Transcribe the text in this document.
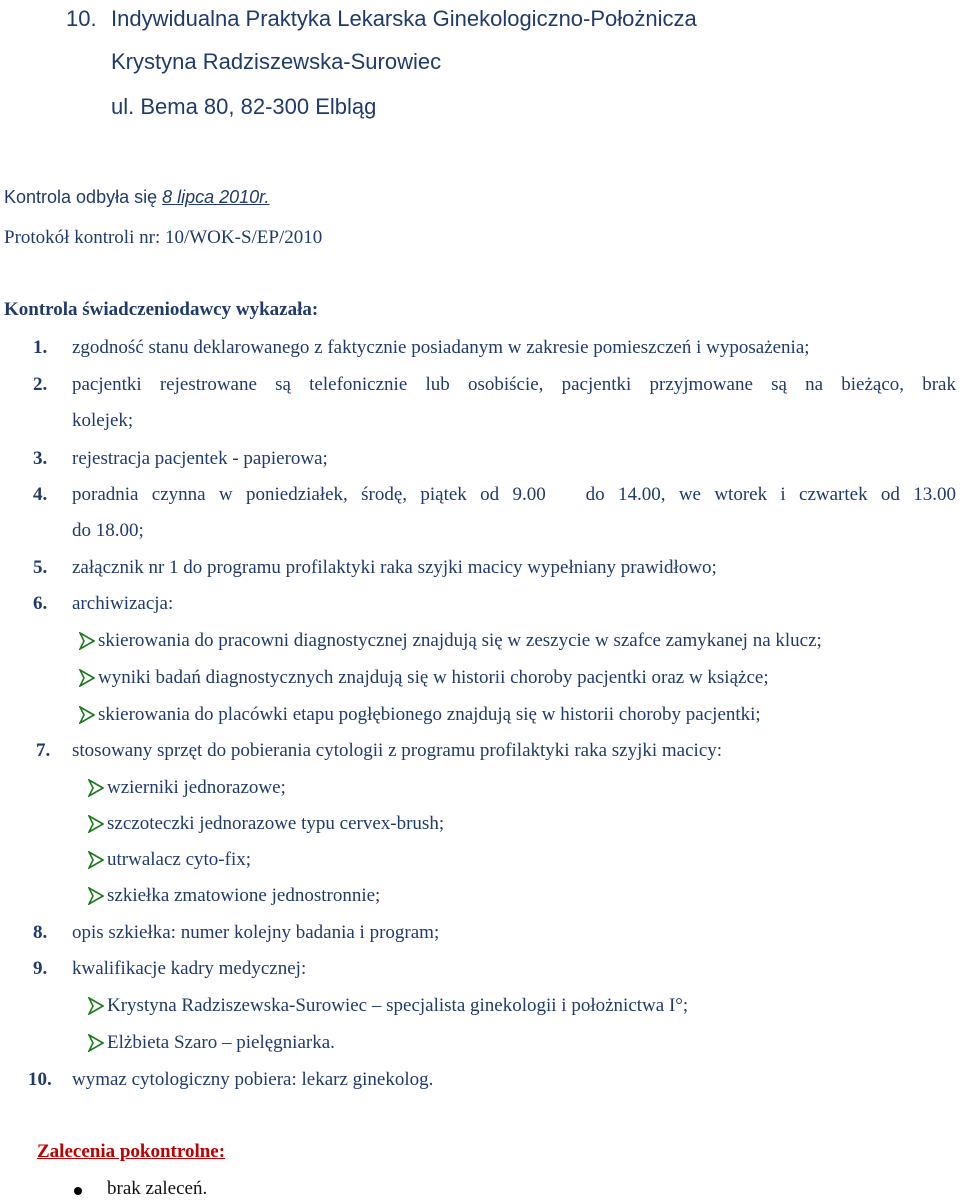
10. Indywidualna Praktyka Lekarska Ginekologiczno-Położnicza
Krystyna Radziszewska-Surowiec
ul. Bema 80, 82-300 Elbląg
Kontrola odbyła się 8 lipca 2010r.
Protokół kontroli nr: 10/WOK-S/EP/2010
Kontrola świadczeniodawcy wykazała:
1. zgodność stanu deklarowanego z faktycznie posiadanym w zakresie pomieszczeń i wyposażenia;
2. pacjentki rejestrowane są telefonicznie lub osobiście, pacjentki przyjmowane są na bieżąco, brak
kolejek;
3. rejestracja pacjentek - papierowa;
4. poradnia czynna w poniedziałek, środę, piątek od 9.00   do 14.00, we wtorek i czwartek od 13.00
do 18.00;
5. załącznik nr 1 do programu profilaktyki raka szyjki macicy wypełniany prawidłowo;
6. archiwizacja:
skierowania do pracowni diagnostycznej znajdują się w zeszycie w szafce zamykanej na klucz;
wyniki badań diagnostycznych znajdują się w historii choroby pacjentki oraz w książce;
skierowania do placówki etapu pogłębionego znajdują się w historii choroby pacjentki;
7. stosowany sprzęt do pobierania cytologii z programu profilaktyki raka szyjki macicy:
wzierniki jednorazowe;
szczoteczki jednorazowe typu cervex-brush;
utrwalacz cyto-fix;
szkiełka zmatowione jednostronnie;
8. opis szkiełka: numer kolejny badania i program;
9. kwalifikacje kadry medycznej:
Krystyna Radziszewska-Surowiec – specjalista ginekologii i położnictwa I°;
Elżbieta Szaro – pielęgniarka.
10. wymaz cytologiczny pobiera: lekarz ginekolog.
Zalecenia pokontrolne:
brak zaleceń.
